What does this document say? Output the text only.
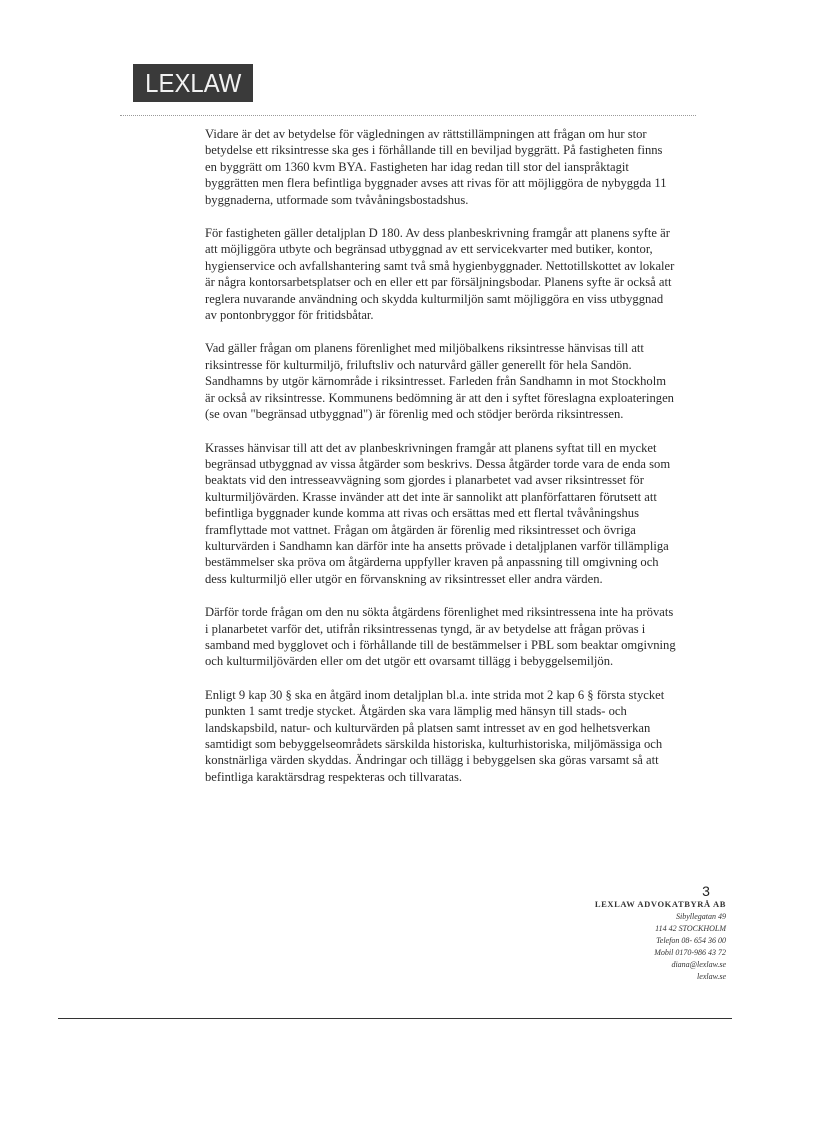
LEXLAW

Vidare är det av betydelse för vägledningen av rättstillämpningen att frågan om hur stor betydelse ett riksintresse ska ges i förhållande till en beviljad byggrätt. På fastigheten finns en byggrätt om 1360 kvm BYA. Fastigheten har idag redan till stor del ianspråktagit byggrätten men flera befintliga byggnader avses att rivas för att möjliggöra de nybyggda 11 byggnaderna, utformade som tvåvåningsbostadshus.

För fastigheten gäller detaljplan D 180. Av dess planbeskrivning framgår att planens syfte är att möjliggöra utbyte och begränsad utbyggnad av ett servicekvarter med butiker, kontor, hygienservice och avfallshantering samt två små hygienbyggnader. Nettotillskottet av lokaler är några kontorsarbetsplatser och en eller ett par försäljningsbodar. Planens syfte är också att reglera nuvarande användning och skydda kulturmiljön samt möjliggöra en viss utbyggnad av pontonbryggor för fritidsbåtar.

Vad gäller frågan om planens förenlighet med miljöbalkens riksintresse hänvisas till att riksintresse för kulturmiljö, friluftsliv och naturvård gäller generellt för hela Sandön. Sandhamns by utgör kärnområde i riksintresset. Farleden från Sandhamn in mot Stockholm är också av riksintresse. Kommunens bedömning är att den i syftet föreslagna exploateringen (se ovan "begränsad utbyggnad") är förenlig med och stödjer berörda riksintressen.

Krasses hänvisar till att det av planbeskrivningen framgår att planens syftat till en mycket begränsad utbyggnad av vissa åtgärder som beskrivs. Dessa åtgärder torde vara de enda som beaktats vid den intresseavvägning som gjordes i planarbetet vad avser riksintresset för kulturmiljövärden. Krasse invänder att det inte är sannolikt att planförfattaren förutsett att befintliga byggnader kunde komma att rivas och ersättas med ett flertal tvåvåningshus framflyttade mot vattnet. Frågan om åtgärden är förenlig med riksintresset och övriga kulturvärden i Sandhamn kan därför inte ha ansetts prövade i detaljplanen varför tillämpliga bestämmelser ska pröva om åtgärderna uppfyller kraven på anpassning till omgivning och dess kulturmiljö eller utgör en förvanskning av riksintresset eller andra värden.

Därför torde frågan om den nu sökta åtgärdens förenlighet med riksintressena inte ha prövats i planarbetet varför det, utifrån riksintressenas tyngd, är av betydelse att frågan prövas i samband med bygglovet och i förhållande till de bestämmelser i PBL som beaktar omgivning och kulturmiljövärden eller om det utgör ett ovarsamt tillägg i bebyggelsemiljön.

Enligt 9 kap 30 § ska en åtgärd inom detaljplan bl.a. inte strida mot 2 kap 6 § första stycket punkten 1 samt tredje stycket. Åtgärden ska vara lämplig med hänsyn till stads- och landskapsbild, natur- och kulturvärden på platsen samt intresset av en god helhetsverkan samtidigt som bebyggelseområdets särskilda historiska, kulturhistoriska, miljömässiga och konstnärliga värden skyddas. Ändringar och tillägg i bebyggelsen ska göras varsamt så att befintliga karaktärsdrag respekteras och tillvaratas.

3
LEXLAW ADVOKATBYRÅ AB
Sibyllegatan 49
114 42 STOCKHOLM
Telefon 08- 654 36 00
Mobil 0170-986 43 72
diana@lexlaw.se
lexlaw.se
